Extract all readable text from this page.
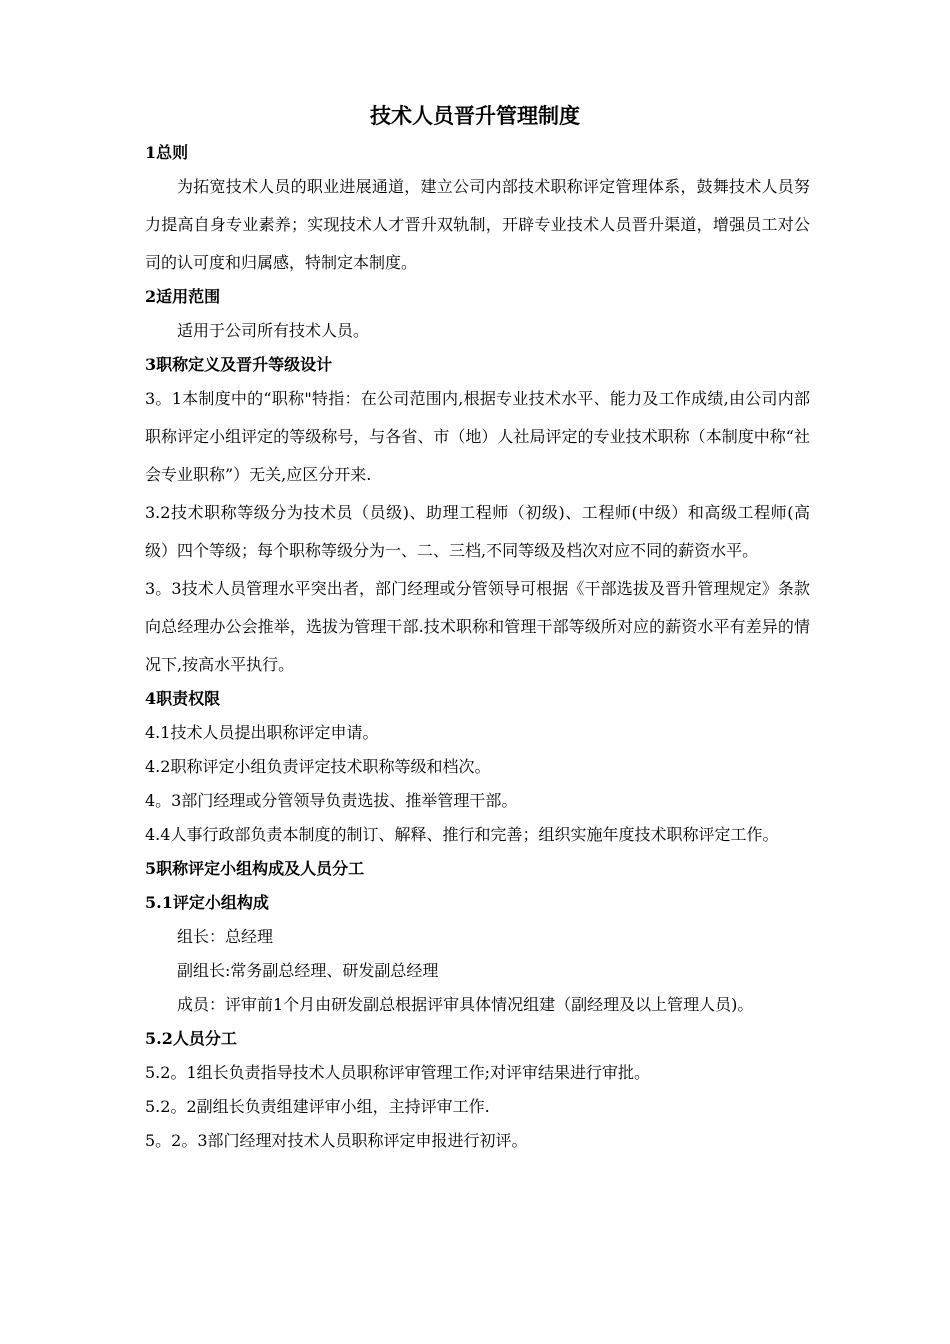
技术人员晋升管理制度
1总则

为拓宽技术人员的职业进展通道，建立公司内部技术职称评定管理体系，鼓舞技术人员努力提高自身专业素养；实现技术人才晋升双轨制，开辟专业技术人员晋升渠道，增强员工对公司的认可度和归属感，特制定本制度。

2适用范围
适用于公司所有技术人员。
3职称定义及晋升等级设计

3。1本制度中的“职称"特指：在公司范围内,根据专业技术水平、能力及工作成绩,由公司内部职称评定小组评定的等级称号，与各省、市（地）人社局评定的专业技术职称（本制度中称“社会专业职称”）无关,应区分开来.

3.2技术职称等级分为技术员（员级)、助理工程师（初级)、工程师(中级）和高级工程师(高级）四个等级；每个职称等级分为一、二、三档,不同等级及档次对应不同的薪资水平。

3。3技术人员管理水平突出者，部门经理或分管领导可根据《干部选拔及晋升管理规定》条款向总经理办公会推举，选拔为管理干部.技术职称和管理干部等级所对应的薪资水平有差异的情况下,按高水平执行。

4职责权限
4.1技术人员提出职称评定申请。
4.2职称评定小组负责评定技术职称等级和档次。
4。3部门经理或分管领导负责选拔、推举管理干部。

4.4人事行政部负责本制度的制订、解释、推行和完善；组织实施年度技术职称评定工作。

5职称评定小组构成及人员分工
5.1评定小组构成
组长：总经理
副组长:常务副总经理、研发副总经理
成员：评审前1个月由研发副总根据评审具体情况组建（副经理及以上管理人员)。
5.2人员分工
5.2。1组长负责指导技术人员职称评审管理工作;对评审结果进行审批。
5.2。2副组长负责组建评审小组，主持评审工作.
5。2。3部门经理对技术人员职称评定申报进行初评。
